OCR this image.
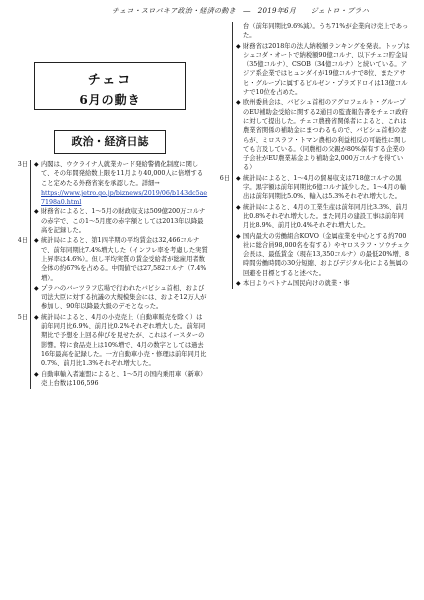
チェコ・スロバキア政治・経済の動き　―　2019年6月　　ジェトロ・プラハ
チェコ
6月の動き
政治・経済日誌
3日	◆ 内閣は、ウクライナ人就業カード発給警備化制度に関して、その年間発給数上限を11月より40,000人に倍増すること定めたる外務省案を承認した。詳細→
https://www.jetro.go.jp/biznews/2019/06/b143dc5ae7198a0.html
◆ 財務省によると、1～5月の財政収支は509億200万コルナの赤字で、この1～5月度の赤字額としては2013年以降最高を記録した。
4日	◆ 統計局によると、第1四半期の平均賃金は32,466コルナで、前年同期比7.4%増大した（インフレ率を考慮した実質上昇率は4.6%）。但し平均実質の賃金受給者が総雇用者数全体の約67%を占める。中間値では27,582コルナ（7.4%増）。
◆ プラハのバーツラフ広場で行われたバビシュ首相、および司法大臣に対する抗議の大規模集会には、およそ12万人が参加し、90年以降最大級のデモとなった。
5日	◆ 統計局によると、4月の小売売上（自動車販売を除く）は前年同月比6.9%、前月比0.2%それぞれ増大した。前年同期比で予想を上回る伸びを見せたが、これはイースターの影響。特に食品売上は10%増で、4月の数字としては過去16年最高を記録した。一方自動車小売・修理は前年同月比0.7%、前月比1.3%それぞれ増大した。
◆ 自動車輸入者連盟によると、1～5月の国内乗用車（新車）売上台数は106,596
台（前年同期比9.6%減）。うち71%が企業向け売上であった。
◆ 財務省は2018年の法人納税額ランキングを発表。トップはシュコダ・オートで納税額90億コルナ、以下チェコ貯金局（35億コルナ）、CSOB（34億コルナ）と続いている。アジア系企業ではヒュンダイが19億コルナで8位、またアサヒ・グループに属するピルゼン・プラズドロイは13億コルナで10位を占めた。
◆ 欧州委員会は、バビシュ首相のアグロフェルト・グループのEU補助金受給に関する2通目の監査報告書をチェコ政府に対して提出した。チェコ農務省関係者によると、これは農業省関係の補助金にまつわるもので、バビシュ首相の妻らが、ミロスラフ・トマン農相の利益相反の可能性に関しても言及している。（同農相の父親が80%保有する企業の子会社がEU農業基金より補助金2,000万コルナを得ている）
6日	◆ 統計局によると、1～4月の貿易収支は718億コルナの黒字。黒字額は前年同期比6億コルナ減少した。1～4月の輸出は前年同期比5.0%、輸入は5.3%それぞれ増大した。
◆ 統計局によると、4月の工業生産は前年同月比3.3%、前月比0.8%それぞれ増大した。また同月の建設工事は前年同月比8.9%、前月比0.4%それぞれ増大した。
◆ 国内最大の労働組合KOVO（金属産業を中心とする約700社に総合員98,000名を有する）やヤロスラフ・ソウチェク会長は、最低賃金（現在13,350コルナ）の最低20%増、8時間労働時間の30分短縮、およびデジタル化による無属の回避を目標とすると述べた。
◆ 本日よりベトナム国民向けの就業・事
